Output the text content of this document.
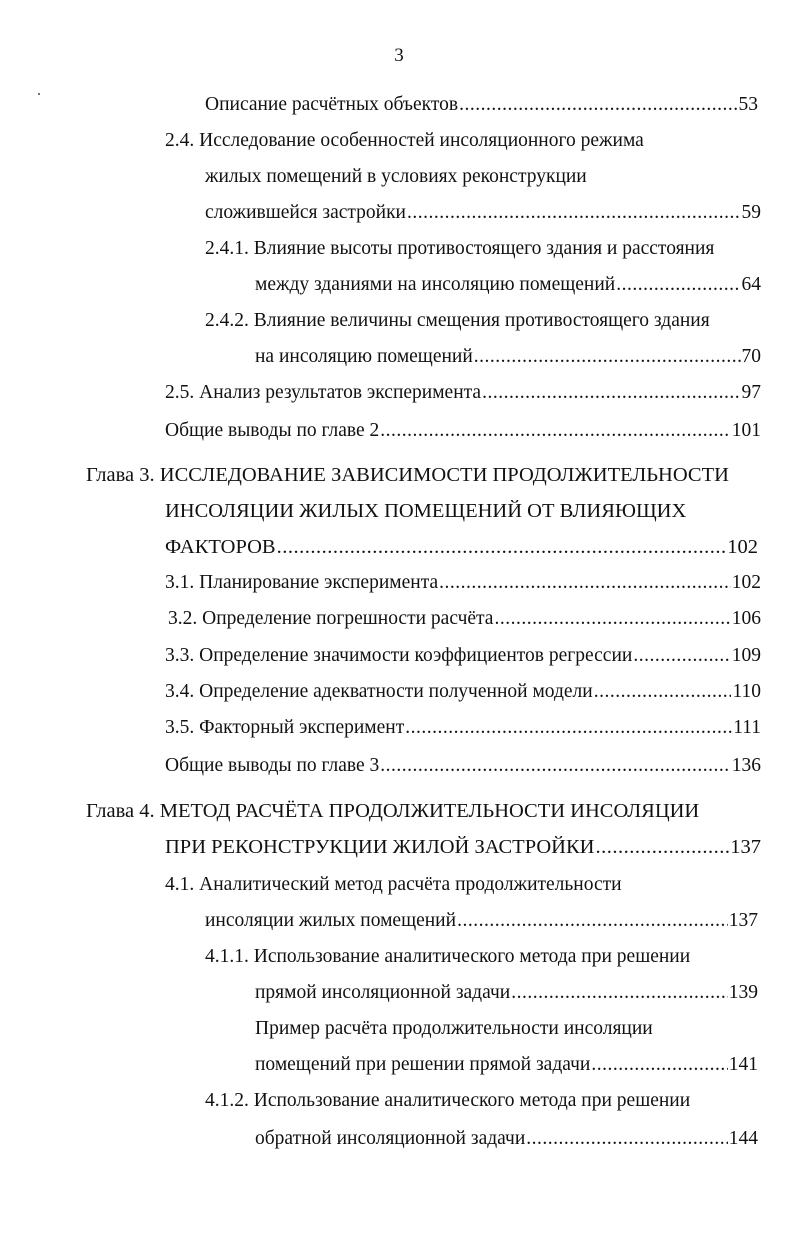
3
Описание расчётных объектов .....	53
2.4. Исследование особенностей инсоляционного режима
жилых помещений в условиях реконструкции
сложившейся застройки .....	59
2.4.1. Влияние высоты противостоящего здания и расстояния
между зданиями на инсоляцию помещений .....	64
2.4.2. Влияние величины смещения противостоящего здания
на инсоляцию помещений .....	70
2.5. Анализ результатов эксперимента .....	97
Общие выводы по главе 2 .....	101
Глава 3. ИССЛЕДОВАНИЕ ЗАВИСИМОСТИ ПРОДОЛЖИТЕЛЬНОСТИ
ИНСОЛЯЦИИ ЖИЛЫХ ПОМЕЩЕНИЙ ОТ ВЛИЯЮЩИХ
ФАКТОРОВ .....	102
3.1. Планирование эксперимента .....	102
3.2. Определение погрешности расчёта .....	106
3.3. Определение значимости коэффициентов регрессии .....	109
3.4. Определение адекватности полученной модели .....	110
3.5. Факторный эксперимент .....	111
Общие выводы по главе 3 .....	136
Глава 4. МЕТОД РАСЧЁТА ПРОДОЛЖИТЕЛЬНОСТИ ИНСОЛЯЦИИ
ПРИ РЕКОНСТРУКЦИИ ЖИЛОЙ ЗАСТРОЙКИ .....	137
4.1. Аналитический метод расчёта продолжительности
инсоляции жилых помещений .....	137
4.1.1. Использование аналитического метода при решении
прямой инсоляционной задачи .....	139
Пример расчёта продолжительности инсоляции
помещений при решении прямой задачи .....	141
4.1.2. Использование аналитического метода при решении
обратной инсоляционной задачи .....	144
